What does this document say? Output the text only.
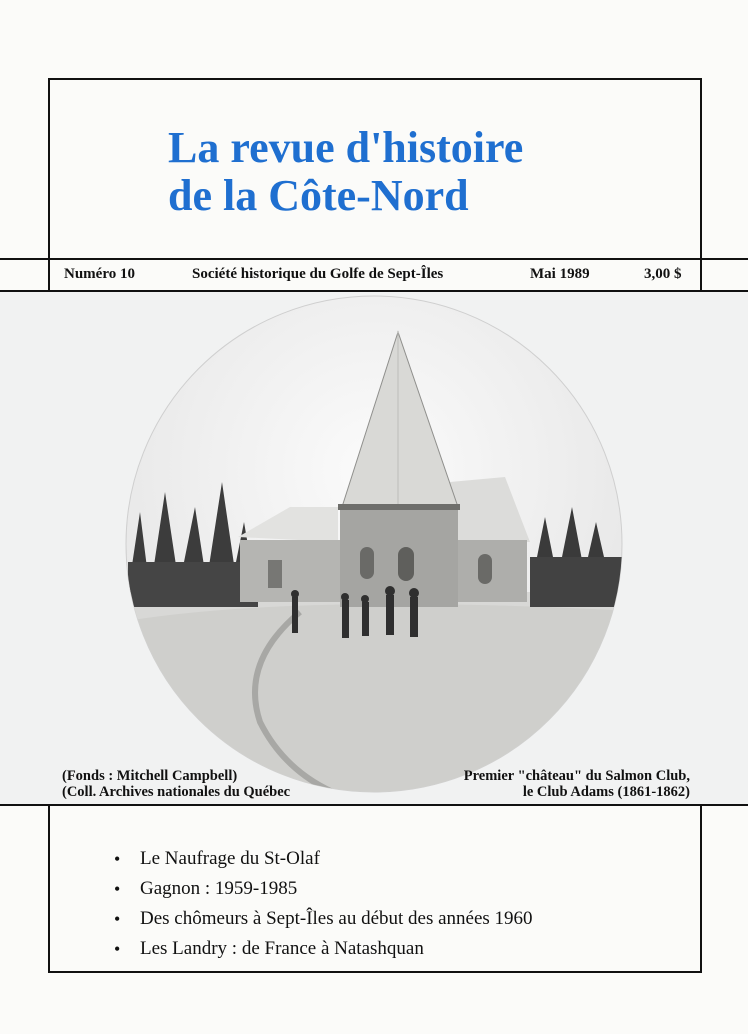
La revue d'histoire
de la Côte-Nord
Numéro 10	Société historique du Golfe de Sept-Îles	Mai 1989	3,00 $
(Fonds : Mitchell Campbell)
(Coll. Archives nationales du Québec
Premier "château" du Salmon Club,
le Club Adams (1861-1862)
•	Le Naufrage du St-Olaf
•	Gagnon : 1959-1985
•	Des chômeurs à Sept-Îles au début des années 1960
•	Les Landry : de France à Natashquan
